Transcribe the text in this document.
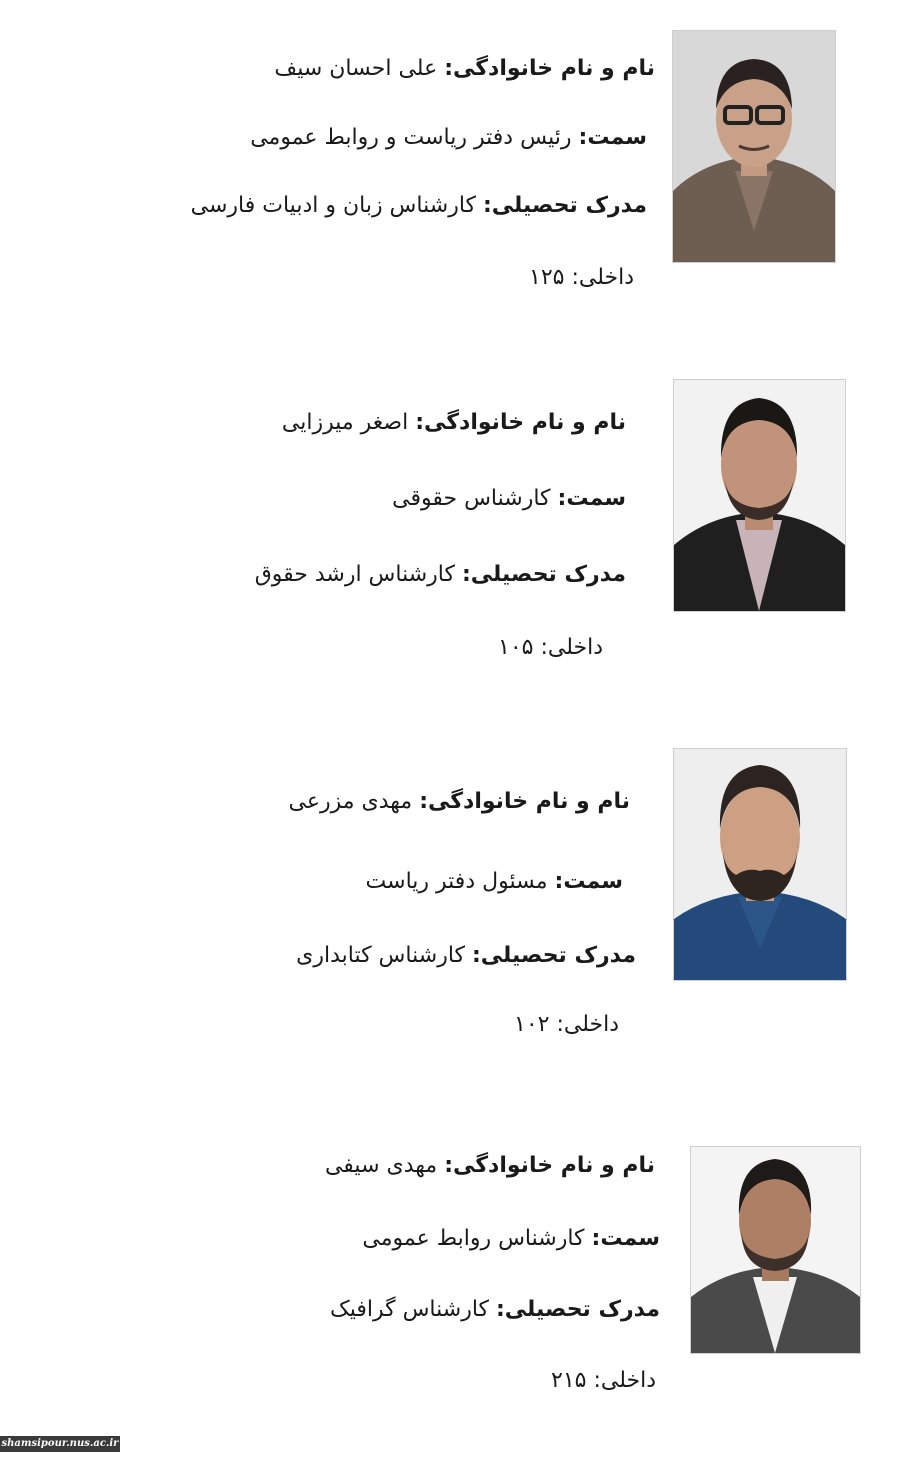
نام و نام خانوادگی: علی احسان سیف
سمت: رئیس دفتر ریاست و روابط عمومی
مدرک تحصیلی: کارشناس زبان و ادبیات فارسی
داخلی: ۱۲۵
نام و نام خانوادگی: اصغر میرزایی
سمت: کارشناس حقوقی
مدرک تحصیلی: کارشناس ارشد حقوق
داخلی: ۱۰۵
نام و نام خانوادگی: مهدی مزرعی
سمت: مسئول دفتر ریاست
مدرک تحصیلی: کارشناس کتابداری
داخلی: ۱۰۲
نام و نام خانوادگی: مهدی سیفی
سمت: کارشناس روابط عمومی
مدرک تحصیلی: کارشناس گرافیک
داخلی: ۲۱۵
shamsipour.nus.ac.ir
